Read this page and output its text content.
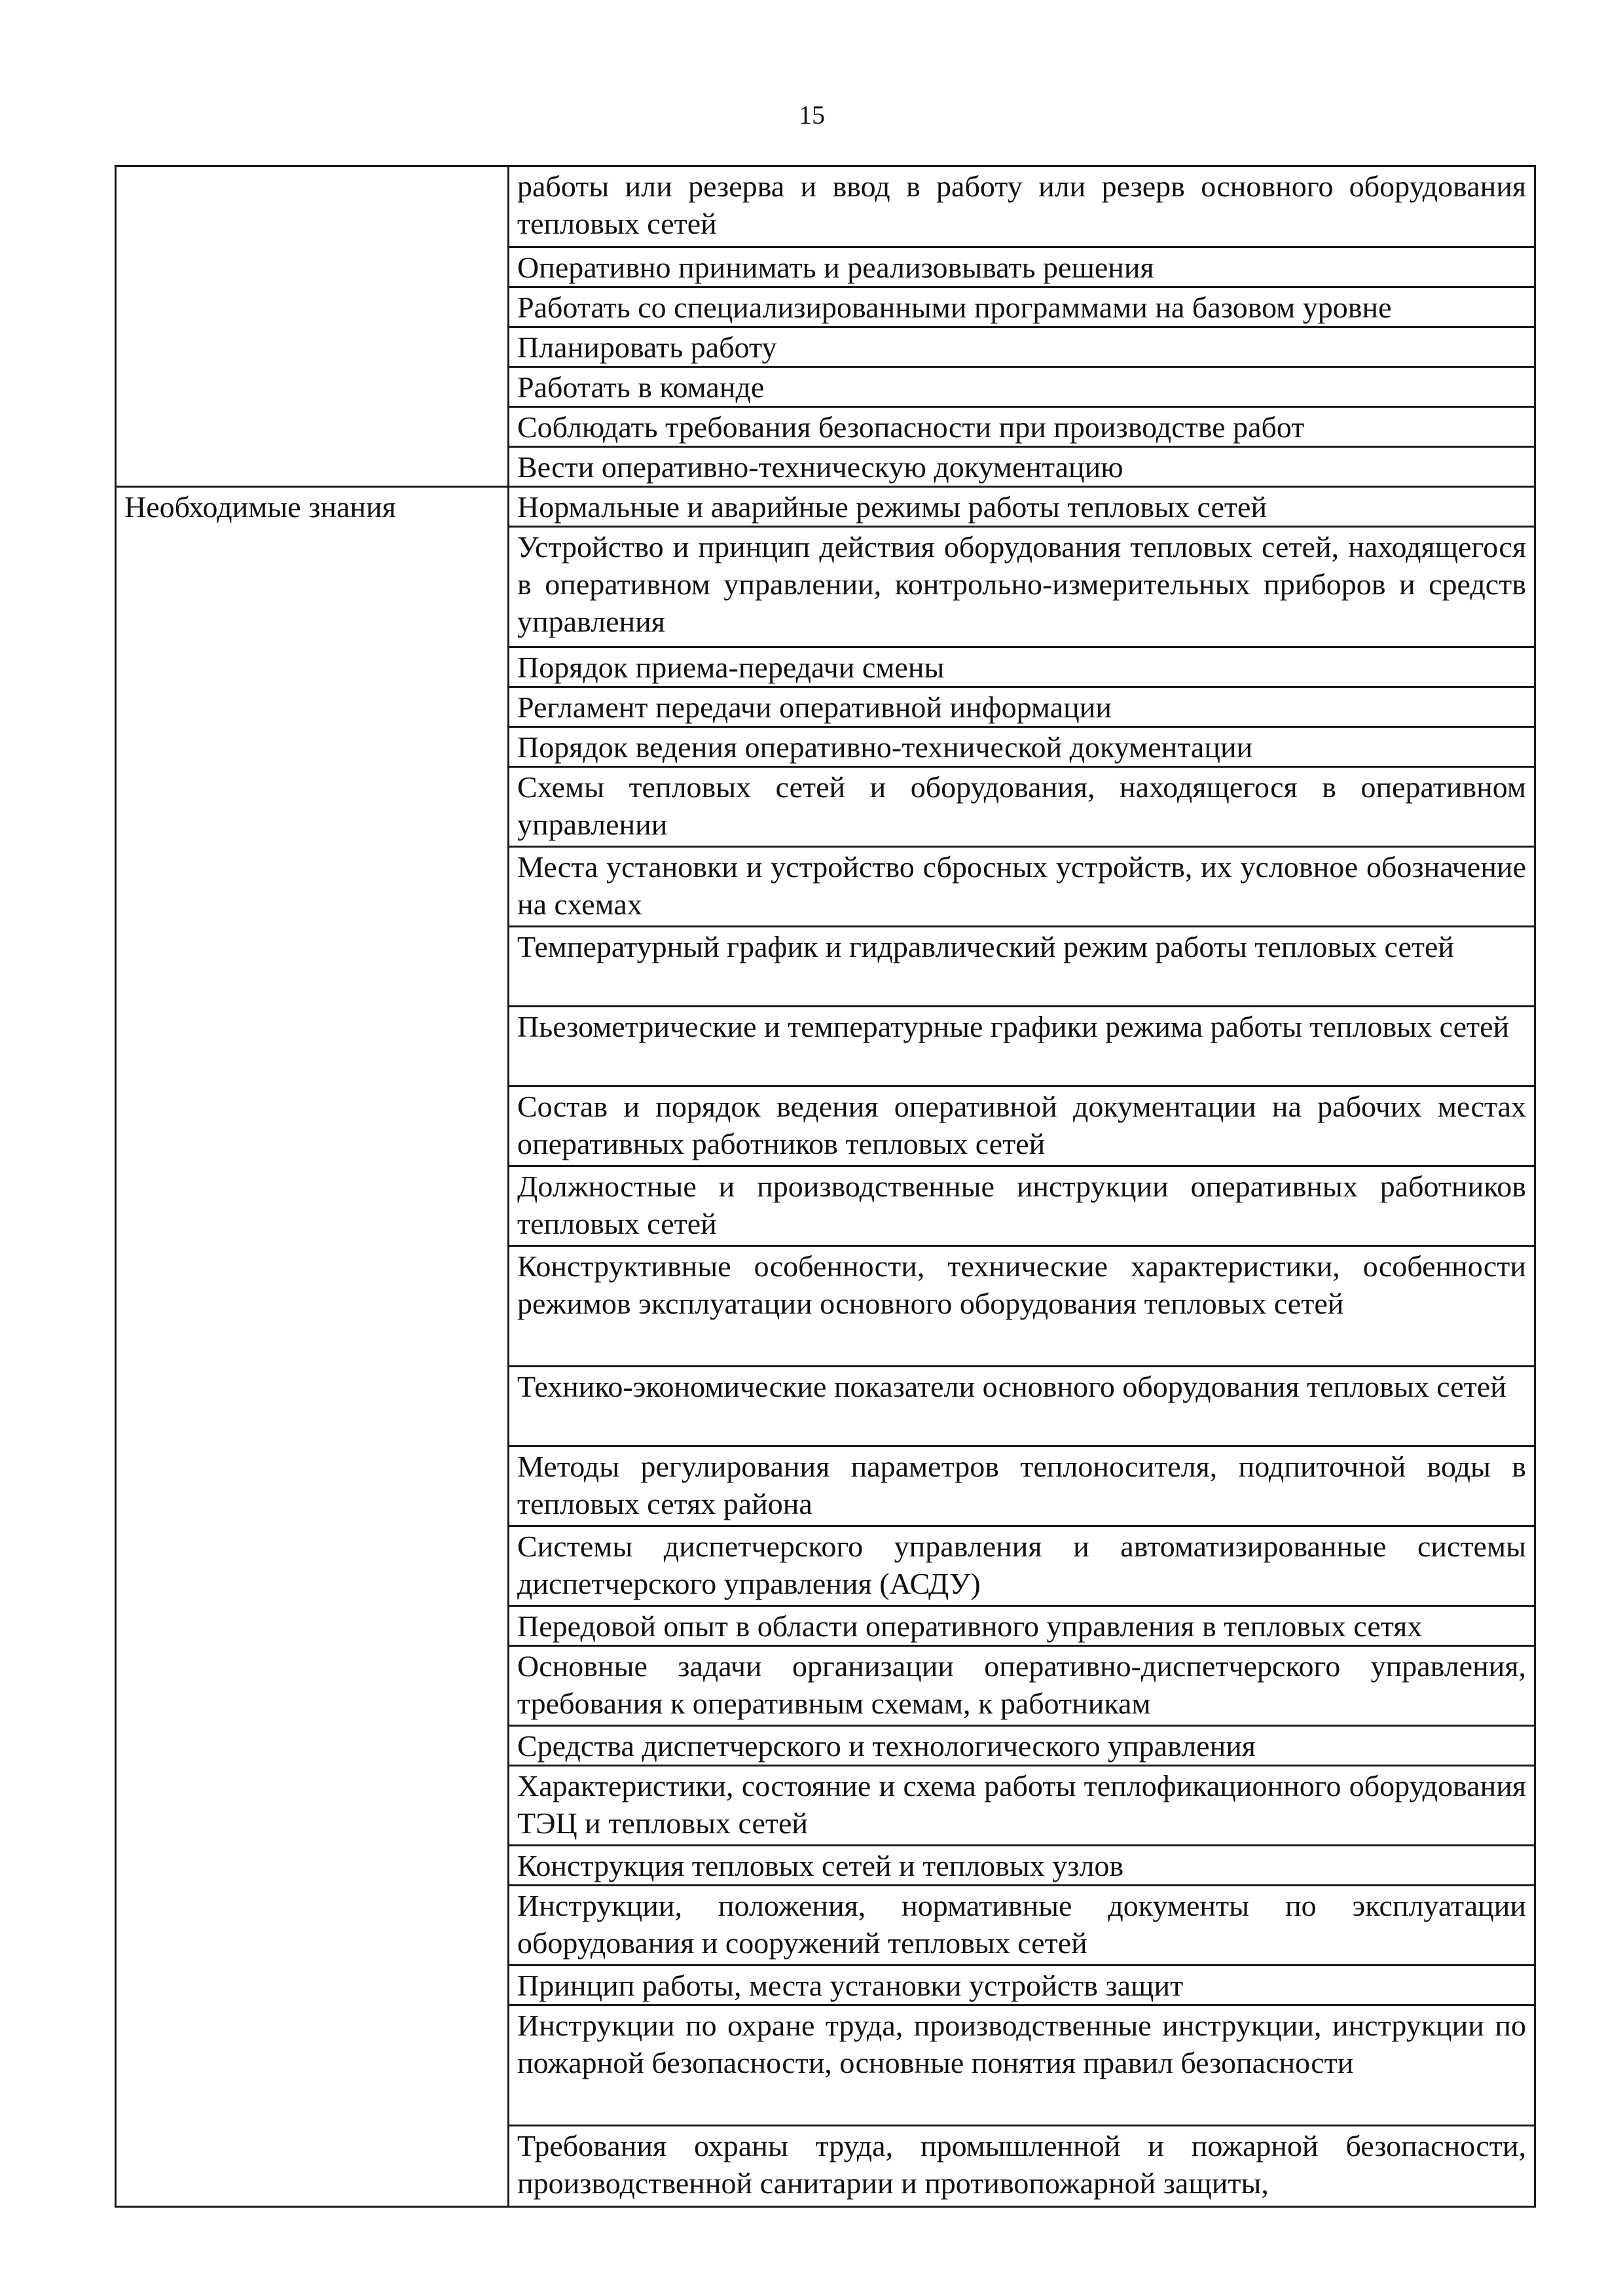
15
	работы или резерва и ввод в работу или резерв основного оборудования тепловых сетей
	Оперативно принимать и реализовывать решения
	Работать со специализированными программами на базовом уровне
	Планировать работу
	Работать в команде
	Соблюдать требования безопасности при производстве работ
	Вести оперативно-техническую документацию
Необходимые знания	Нормальные и аварийные режимы работы тепловых сетей
	Устройство и принцип действия оборудования тепловых сетей, находящегося в оперативном управлении, контрольно-измерительных приборов и средств управления
	Порядок приема-передачи смены
	Регламент передачи оперативной информации
	Порядок ведения оперативно-технической документации
	Схемы тепловых сетей и оборудования, находящегося в оперативном управлении
	Места установки и устройство сбросных устройств, их условное обозначение на схемах
	Температурный график и гидравлический режим работы тепловых сетей
	Пьезометрические и температурные графики режима работы тепловых сетей
	Состав и порядок ведения оперативной документации на рабочих местах оперативных работников тепловых сетей
	Должностные и производственные инструкции оперативных работников тепловых сетей
	Конструктивные особенности, технические характеристики, особенности режимов эксплуатации основного оборудования тепловых сетей
	Технико-экономические показатели основного оборудования тепловых сетей
	Методы регулирования параметров теплоносителя, подпиточной воды в тепловых сетях района
	Системы диспетчерского управления и автоматизированные системы диспетчерского управления (АСДУ)
	Передовой опыт в области оперативного управления в тепловых сетях
	Основные задачи организации оперативно-диспетчерского управления, требования к оперативным схемам, к работникам
	Средства диспетчерского и технологического управления
	Характеристики, состояние и схема работы теплофикационного оборудования ТЭЦ и тепловых сетей
	Конструкция тепловых сетей и тепловых узлов
	Инструкции, положения, нормативные документы по эксплуатации оборудования и сооружений тепловых сетей
	Принцип работы, места установки устройств защит
	Инструкции по охране труда, производственные инструкции, инструкции по пожарной безопасности, основные понятия правил безопасности
	Требования охраны труда, промышленной и пожарной безопасности, производственной санитарии и противопожарной защиты,
